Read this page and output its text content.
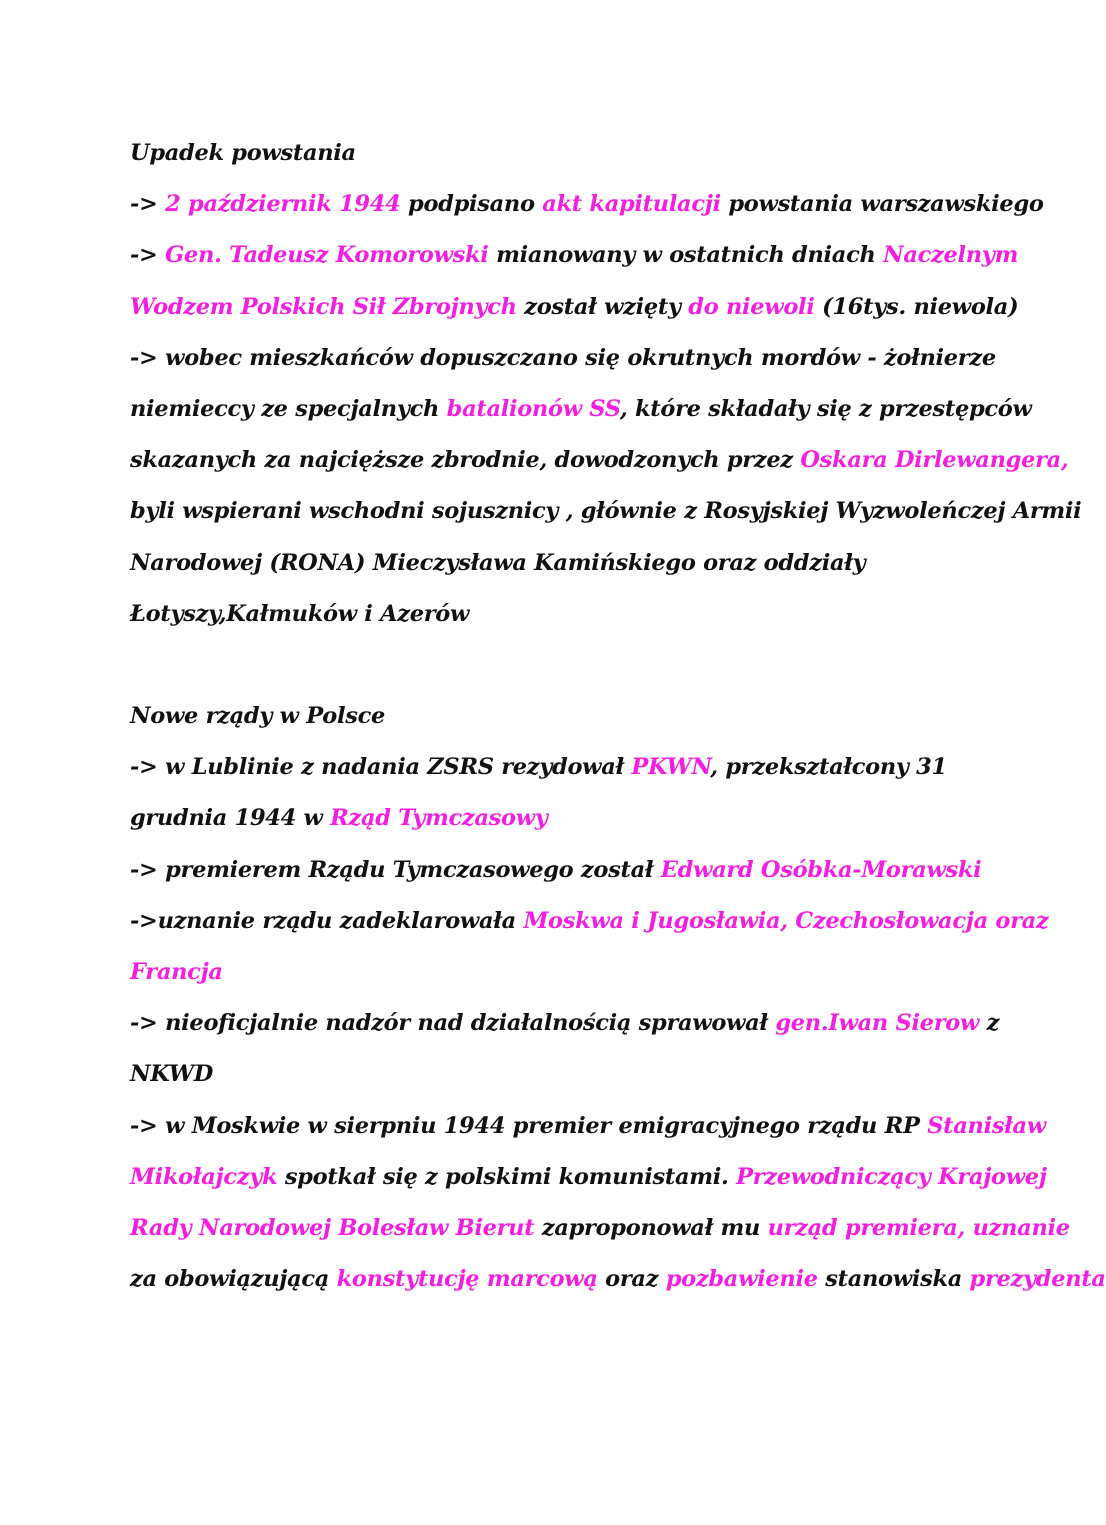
Upadek powstania
-> 2 październik 1944 podpisano akt kapitulacji powstania warszawskiego
-> Gen. Tadeusz Komorowski mianowany w ostatnich dniach Naczelnym
Wodzem Polskich Sił Zbrojnych został wzięty do niewoli (16tys. niewola)
-> wobec mieszkańców dopuszczano się okrutnych mordów - żołnierze
niemieccy ze specjalnych batalionów SS, które składały się z przestępców
skazanych za najcięższe zbrodnie, dowodzonych przez Oskara Dirlewangera,
byli wspierani wschodni sojusznicy , głównie z Rosyjskiej Wyzwoleńczej Armii
Narodowej (RONA) Mieczysława Kamińskiego oraz oddziały
Łotyszy,Kałmuków i Azerów
Nowe rządy w Polsce
-> w Lublinie z nadania ZSRS rezydował PKWN, przekształcony 31
grudnia 1944 w Rząd Tymczasowy
-> premierem Rządu Tymczasowego został Edward Osóbka-Morawski
->uznanie rządu zadeklarowała Moskwa i Jugosławia, Czechosłowacja oraz
Francja
-> nieoficjalnie nadzór nad działalnością sprawował gen.Iwan Sierow z
NKWD
-> w Moskwie w sierpniu 1944 premier emigracyjnego rządu RP Stanisław
Mikołajczyk spotkał się z polskimi komunistami. Przewodniczący Krajowej
Rady Narodowej Bolesław Bierut zaproponował mu urząd premiera, uznanie
za obowiązującą konstytucję marcową oraz pozbawienie stanowiska prezydenta
